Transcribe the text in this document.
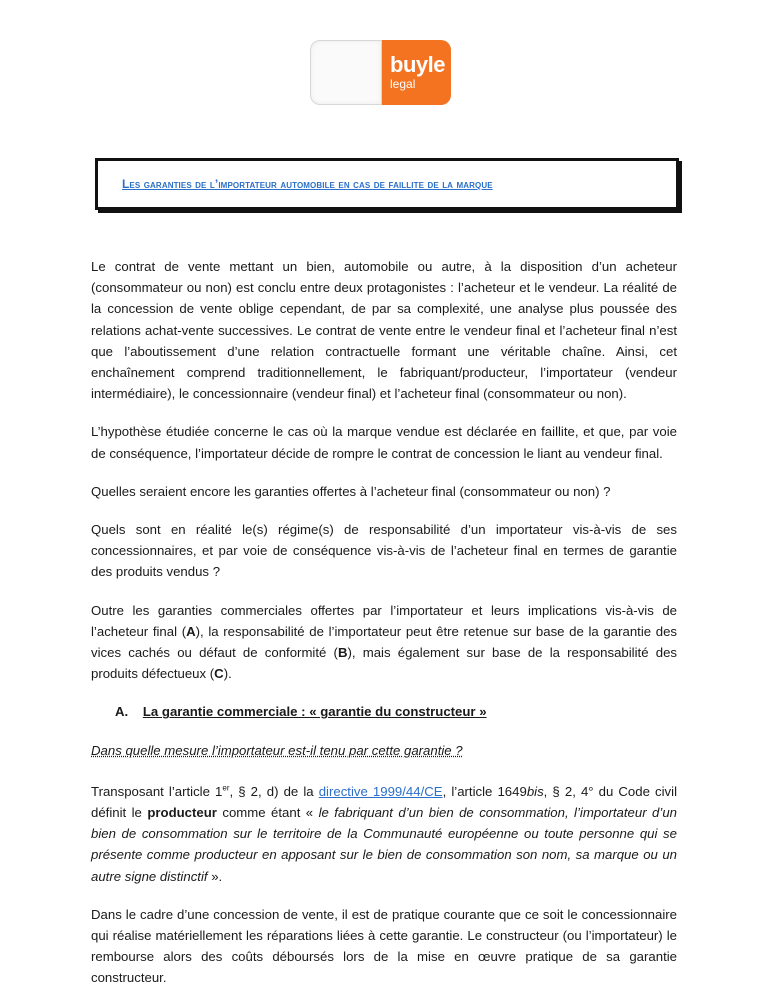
buyle
legal
Les garanties de l’importateur automobile en cas de faillite de la marque

Le contrat de vente mettant un bien, automobile ou autre, à la disposition d’un acheteur (consommateur ou non) est conclu entre deux protagonistes : l’acheteur et le vendeur. La réalité de la concession de vente oblige cependant, de par sa complexité, une analyse plus poussée des relations achat-vente successives. Le contrat de vente entre le vendeur final et l’acheteur final n’est que l’aboutissement d’une relation contractuelle formant une véritable chaîne. Ainsi, cet enchaînement comprend traditionnellement, le fabriquant/producteur, l’importateur (vendeur intermédiaire), le concessionnaire (vendeur final) et l’acheteur final (consommateur ou non).

L’hypothèse étudiée concerne le cas où la marque vendue est déclarée en faillite, et que, par voie de conséquence, l’importateur décide de rompre le contrat de concession le liant au vendeur final.

Quelles seraient encore les garanties offertes à l’acheteur final (consommateur ou non) ?

Quels sont en réalité le(s) régime(s) de responsabilité d’un importateur vis-à-vis de ses concessionnaires, et par voie de conséquence vis-à-vis de l’acheteur final en termes de garantie des produits vendus ?

Outre les garanties commerciales offertes par l’importateur et leurs implications vis-à-vis de l’acheteur final (A), la responsabilité de l’importateur peut être retenue sur base de la garantie des vices cachés ou défaut de conformité (B), mais également sur base de la responsabilité des produits défectueux (C).

A. La garantie commerciale : « garantie du constructeur »

Dans quelle mesure l’importateur est-il tenu par cette garantie ?

Transposant l’article 1er, § 2, d) de la directive 1999/44/CE, l’article 1649bis, § 2, 4° du Code civil définit le producteur comme étant « le fabriquant d’un bien de consommation, l’importateur d’un bien de consommation sur le territoire de la Communauté européenne ou toute personne qui se présente comme producteur en apposant sur le bien de consommation son nom, sa marque ou un autre signe distinctif ».

Dans le cadre d’une concession de vente, il est de pratique courante que ce soit le concessionnaire qui réalise matériellement les réparations liées à cette garantie. Le constructeur (ou l’importateur) le rembourse alors des coûts déboursés lors de la mise en œuvre pratique de sa garantie constructeur.
